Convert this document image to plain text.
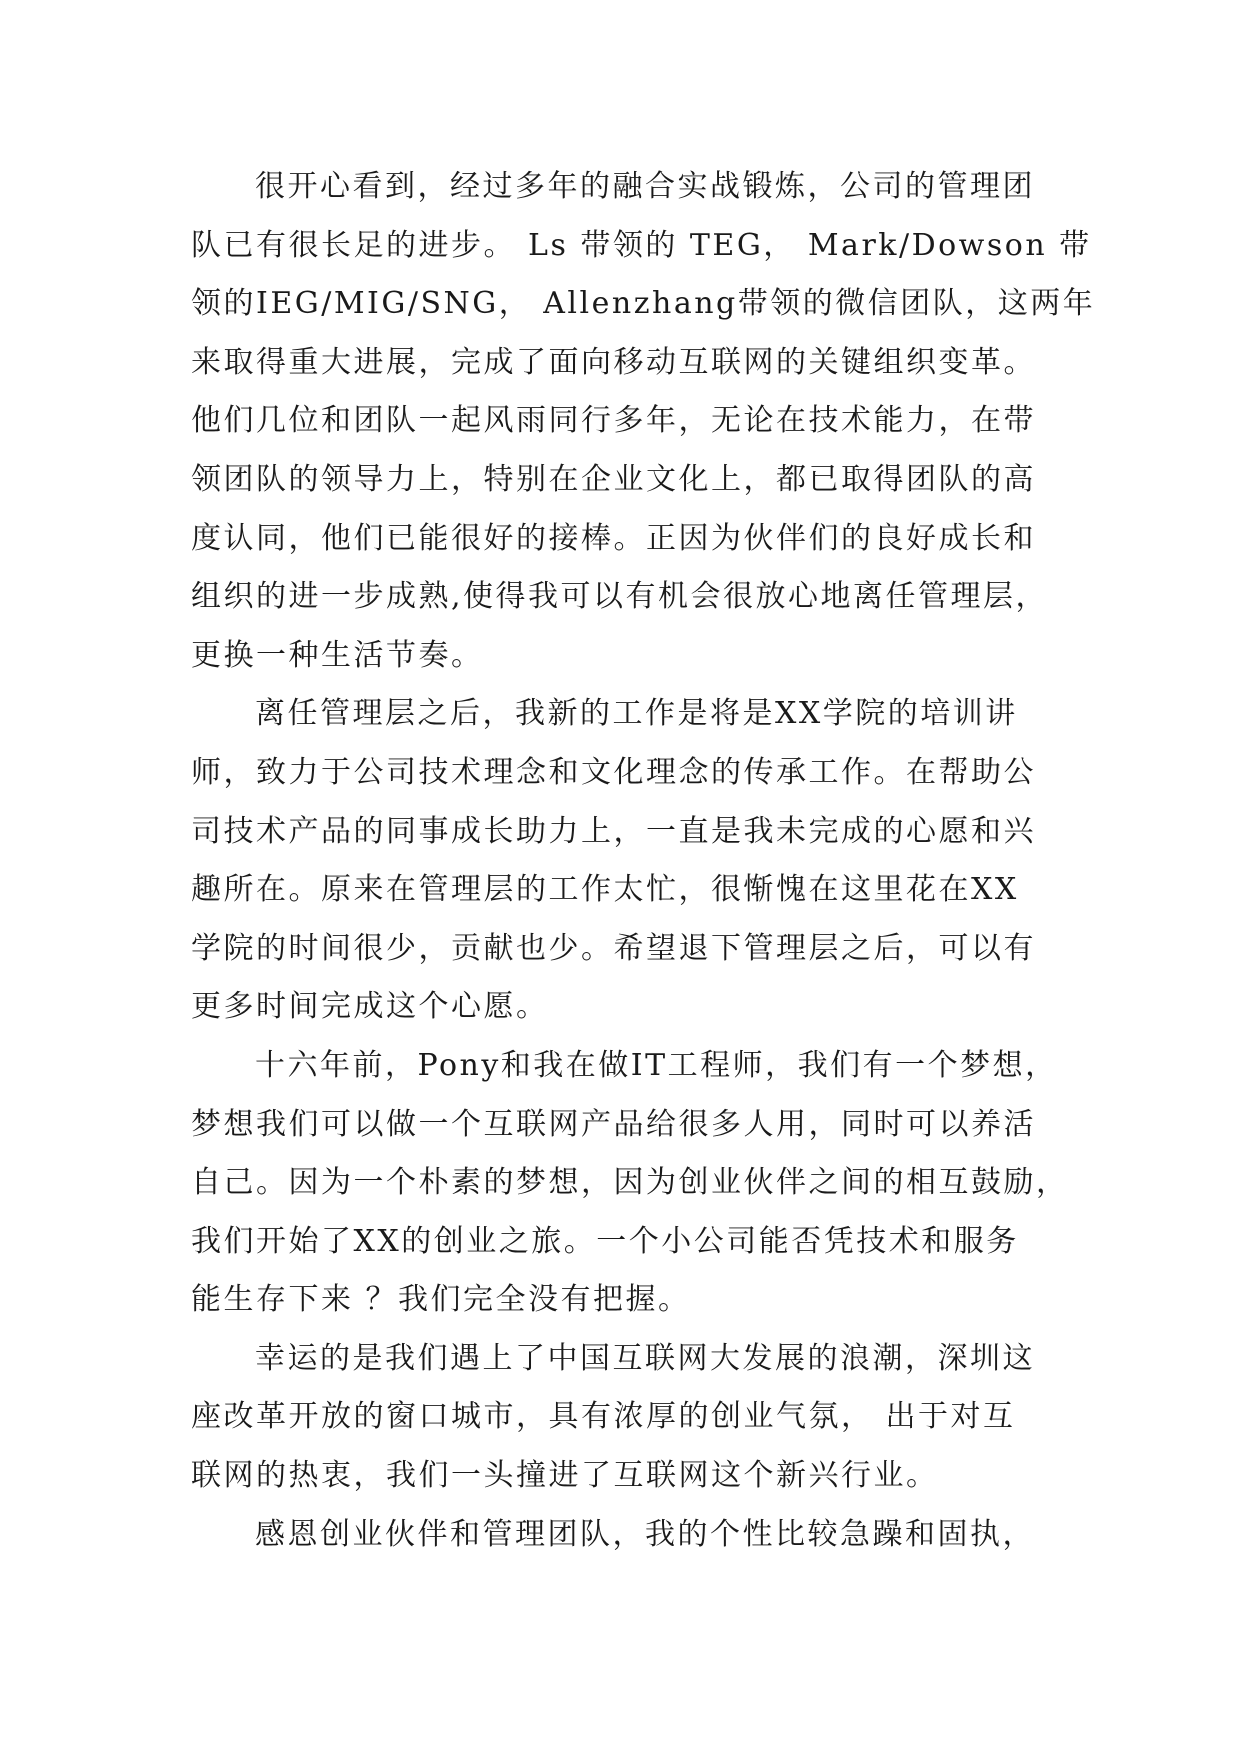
很开心看到，经过多年的融合实战锻炼，公司的管理团
队已有很长足的进步。 Ls 带领的 TEG， Mark/Dowson 带
领的IEG/MIG/SNG， Allenzhang带领的微信团队，这两年
来取得重大进展，完成了面向移动互联网的关键组织变革。
他们几位和团队一起风雨同行多年，无论在技术能力，在带
领团队的领导力上，特别在企业文化上，都已取得团队的高
度认同，他们已能很好的接棒。正因为伙伴们的良好成长和
组织的进一步成熟,使得我可以有机会很放心地离任管理层，
更换一种生活节奏。
离任管理层之后，我新的工作是将是XX学院的培训讲
师，致力于公司技术理念和文化理念的传承工作。在帮助公
司技术产品的同事成长助力上，一直是我未完成的心愿和兴
趣所在。原来在管理层的工作太忙，很惭愧在这里花在XX
学院的时间很少，贡献也少。希望退下管理层之后，可以有
更多时间完成这个心愿。
十六年前，Pony和我在做IT工程师，我们有一个梦想，
梦想我们可以做一个互联网产品给很多人用，同时可以养活
自己。因为一个朴素的梦想，因为创业伙伴之间的相互鼓励，
我们开始了XX的创业之旅。一个小公司能否凭技术和服务
能生存下来 ？我们完全没有把握。
幸运的是我们遇上了中国互联网大发展的浪潮，深圳这
座改革开放的窗口城市，具有浓厚的创业气氛， 出于对互
联网的热衷，我们一头撞进了互联网这个新兴行业。
感恩创业伙伴和管理团队，我的个性比较急躁和固执，
